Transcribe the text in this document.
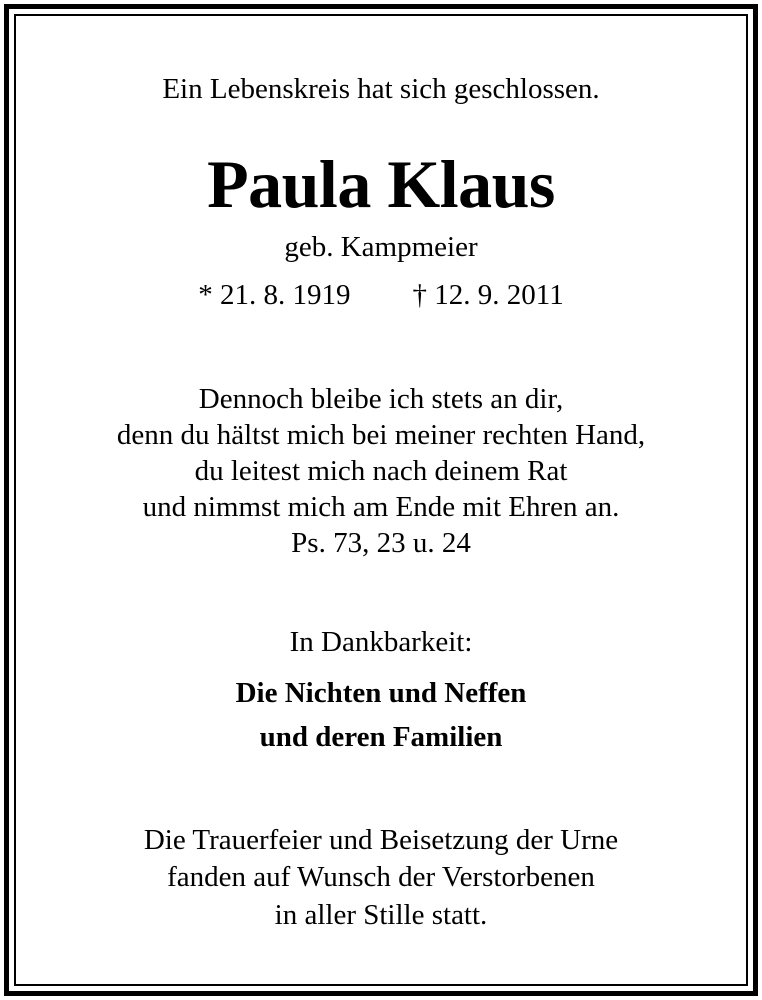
Ein Lebenskreis hat sich geschlossen.

Paula Klaus

geb. Kampmeier

* 21. 8. 1919 † 12. 9. 2011

Dennoch bleibe ich stets an dir,

denn du hältst mich bei meiner rechten Hand,

du leitest mich nach deinem Rat

und nimmst mich am Ende mit Ehren an.

Ps. 73, 23 u. 24

In Dankbarkeit:

Die Nichten und Neffen

und deren Familien

Die Trauerfeier und Beisetzung der Urne

fanden auf Wunsch der Verstorbenen

in aller Stille statt.
